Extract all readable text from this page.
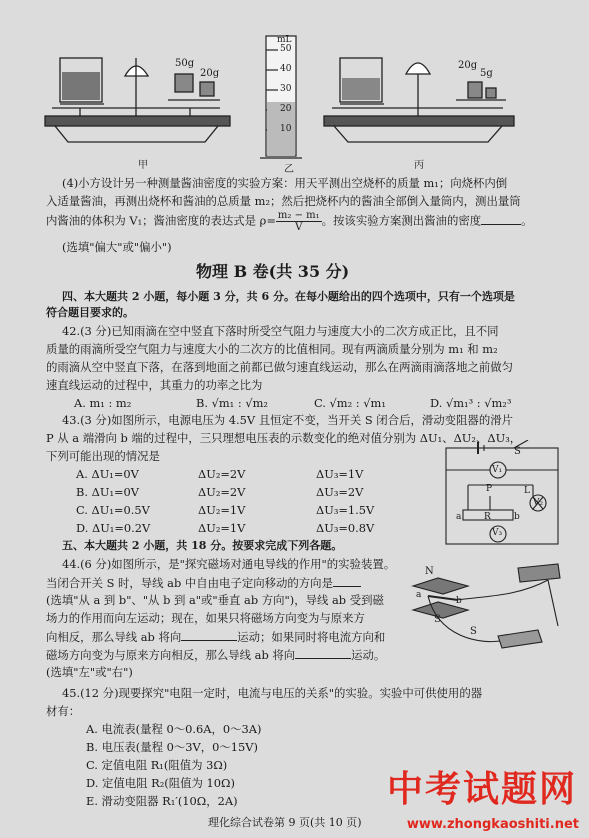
50g
20g
甲
mL
50
40
30
20
10
乙
20g
5g
丙
(4)小方设计另一种测量酱油密度的实验方案：用天平测出空烧杯的质量 m₁；向烧杯内倒
入适量酱油，再测出烧杯和酱油的总质量 m₂；然后把烧杯内的酱油全部倒入量筒内，测出量筒
内酱油的体积为 V₁；酱油密度的表达式是 $\rho= \frac{\text{m₂ − m₁}}{V}$ 。按该实验方案测出酱油的密度	。
(选填"偏大"或"偏小")
物理 B 卷(共 35 分)
四、本大题共 2 小题，每小题 3 分，共 6 分。在每小题给出的四个选项中，只有一个选项是
符合题目要求的。
42.(3 分)已知雨滴在空中竖直下落时所受空气阻力与速度大小的二次方成正比，且不同
质量的雨滴所受空气阻力与速度大小的二次方的比值相同。现有两滴质量分别为 m₁ 和 m₂
的雨滴从空中竖直下落，在落到地面之前都已做匀速直线运动，那么在两滴雨滴落地之前做匀
速直线运动的过程中，其重力的功率之比为
A. m₁ : m₂	B. √m₁ : √m₂	C. √m₂ : √m₁	D. √m₁³ : √m₂³
43.(3 分)如图所示，电源电压为 4.5V 且恒定不变，当开关 S 闭合后，滑动变阻器的滑片
P 从 a 端滑向 b 端的过程中，三只理想电压表的示数变化的绝对值分别为 ΔU₁、ΔU₂、ΔU₃，
下列可能出现的情况是
A. ΔU₁=0V	ΔU₂=2V	ΔU₃=1V
B. ΔU₁=0V	ΔU₂=2V	ΔU₃=2V
C. ΔU₁=0.5V	ΔU₂=1V	ΔU₃=1.5V
D. ΔU₁=0.2V	ΔU₂=1V	ΔU₃=0.8V
S
V₁
P	L
a	R	b
V₂
V₃
五、本大题共 2 小题，共 18 分。按要求完成下列各题。
44.(6 分)如图所示，是"探究磁场对通电导线的作用"的实验装置。
当闭合开关 S 时，导线 ab 中自由电子定向移动的方向是
(选填"从 a 到 b"、"从 b 到 a"或"垂直 ab 方向")，导线 ab 受到磁
场力的作用而向左运动；现在，如果只将磁场方向变为与原来方
向相反，那么导线 ab 将向	运动；如果同时将电流方向和
磁场方向变为与原来方向相反，那么导线 ab 将向	运动。
(选填"左"或"右")
N
a
b
S
S
45.(12 分)现要探究"电阻一定时，电流与电压的关系"的实验。实验中可供使用的器
材有：
A. 电流表(量程 0～0.6A，0～3A)
B. 电压表(量程 0～3V，0～15V)
C. 定值电阻 R₁(阻值为 3Ω)
D. 定值电阻 R₂(阻值为 10Ω)
E. 滑动变阻器 R₁′(10Ω，2A)
理化综合试卷第 9 页(共 10 页)
中考试题网
www.zhongkaoshiti.net
